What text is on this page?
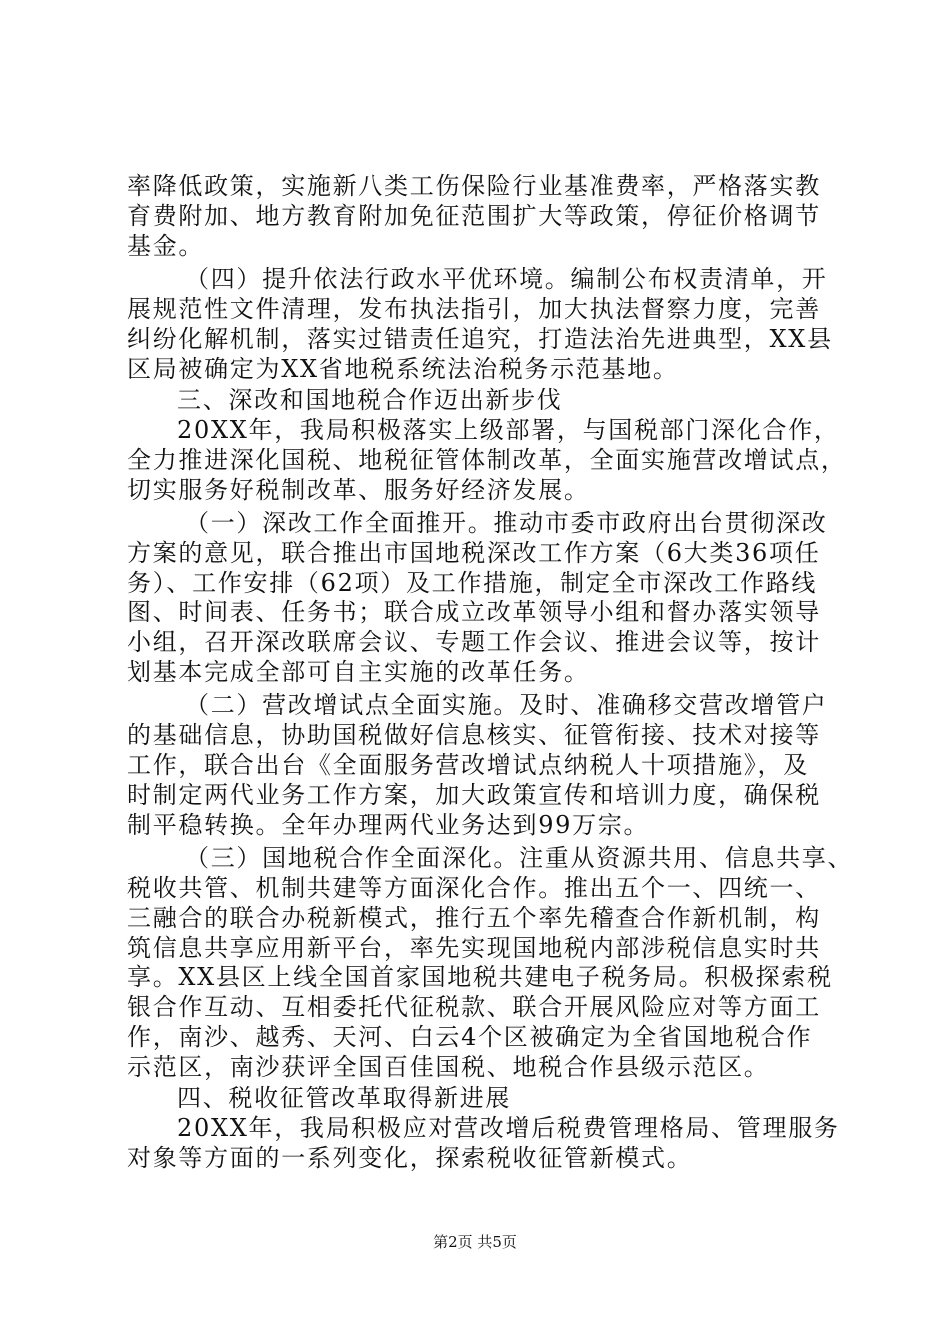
率降低政策，实施新八类工伤保险行业基准费率，严格落实教
育费附加、地方教育附加免征范围扩大等政策，停征价格调节
基金。
（四）提升依法行政水平优环境。编制公布权责清单，开
展规范性文件清理，发布执法指引，加大执法督察力度，完善
纠纷化解机制，落实过错责任追究，打造法治先进典型，XX县
区局被确定为XX省地税系统法治税务示范基地。
三、深改和国地税合作迈出新步伐
20XX年，我局积极落实上级部署，与国税部门深化合作，
全力推进深化国税、地税征管体制改革，全面实施营改增试点，
切实服务好税制改革、服务好经济发展。
（一）深改工作全面推开。推动市委市政府出台贯彻深改
方案的意见，联合推出市国地税深改工作方案（6大类36项任
务）、工作安排（62项）及工作措施，制定全市深改工作路线
图、时间表、任务书；联合成立改革领导小组和督办落实领导
小组，召开深改联席会议、专题工作会议、推进会议等，按计
划基本完成全部可自主实施的改革任务。
（二）营改增试点全面实施。及时、准确移交营改增管户
的基础信息，协助国税做好信息核实、征管衔接、技术对接等
工作，联合出台《全面服务营改增试点纳税人十项措施》，及
时制定两代业务工作方案，加大政策宣传和培训力度，确保税
制平稳转换。全年办理两代业务达到99万宗。
（三）国地税合作全面深化。注重从资源共用、信息共享、
税收共管、机制共建等方面深化合作。推出五个一、四统一、
三融合的联合办税新模式，推行五个率先稽查合作新机制，构
筑信息共享应用新平台，率先实现国地税内部涉税信息实时共
享。XX县区上线全国首家国地税共建电子税务局。积极探索税
银合作互动、互相委托代征税款、联合开展风险应对等方面工
作，南沙、越秀、天河、白云4个区被确定为全省国地税合作
示范区，南沙获评全国百佳国税、地税合作县级示范区。
四、税收征管改革取得新进展
20XX年，我局积极应对营改增后税费管理格局、管理服务
对象等方面的一系列变化，探索税收征管新模式。
第2页 共5页
